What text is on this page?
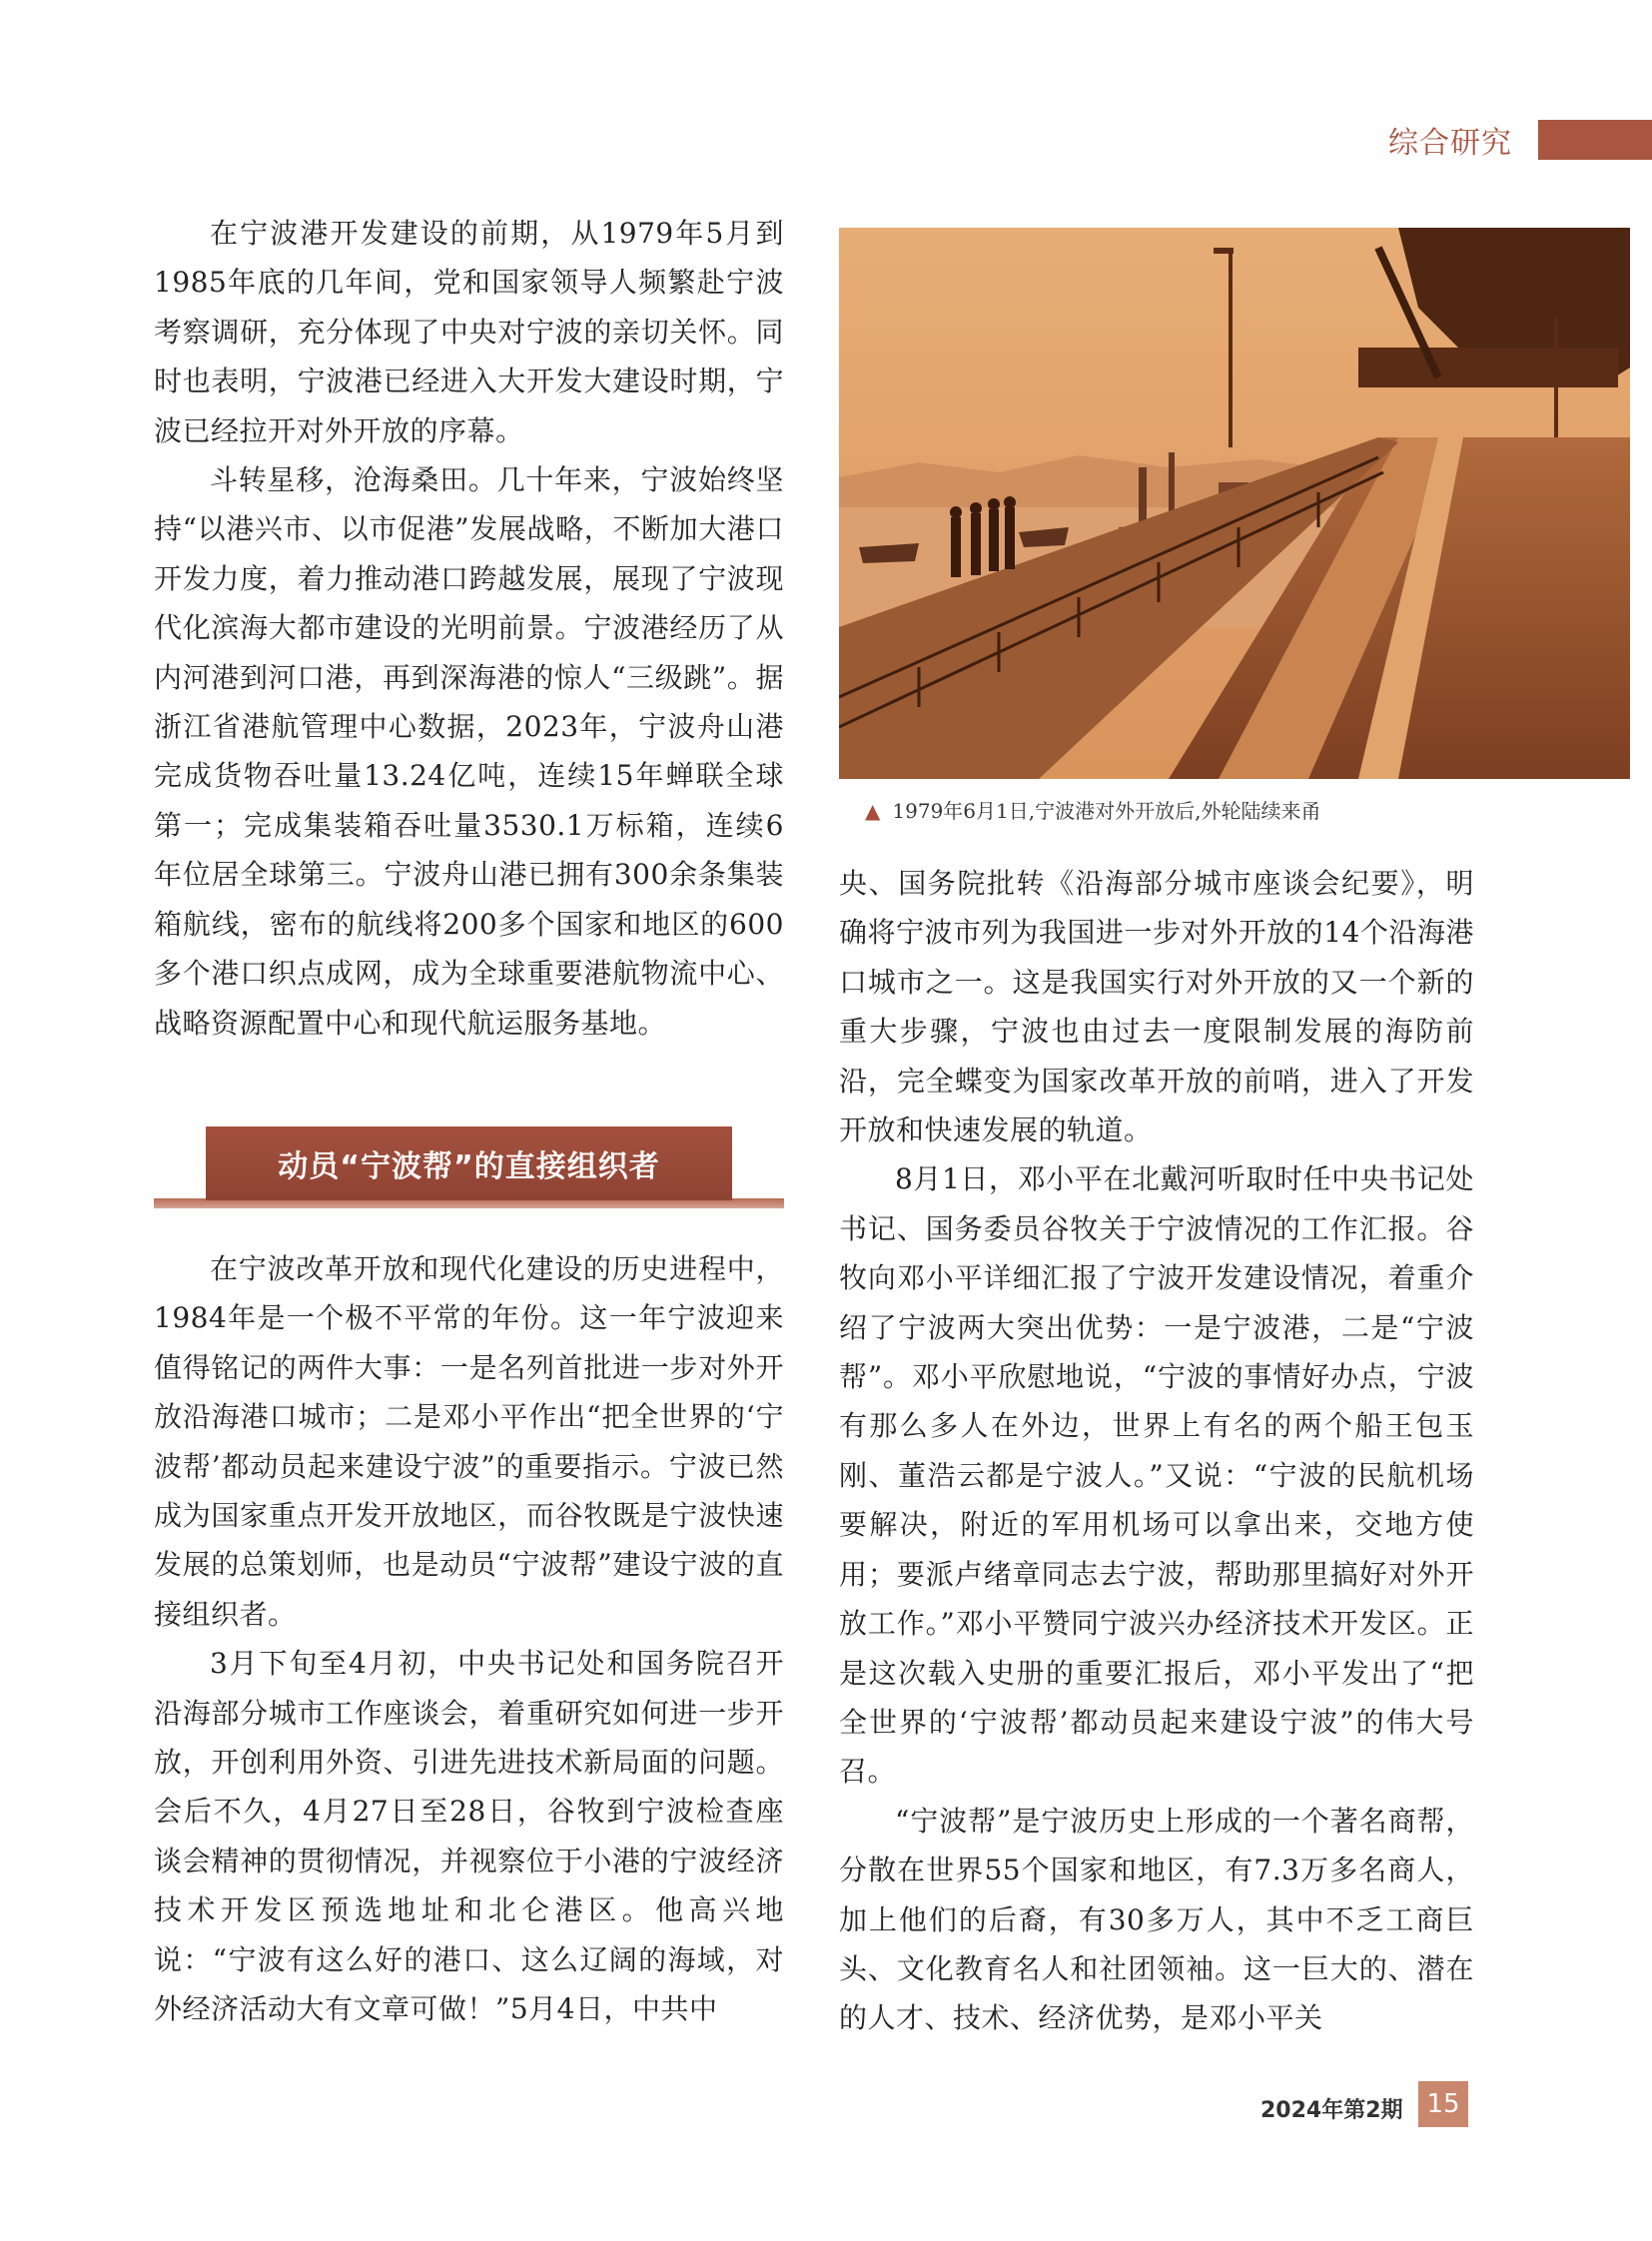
综合研究

在宁波港开发建设的前期，从1979年5月到1985年底的几年间，党和国家领导人频繁赴宁波考察调研，充分体现了中央对宁波的亲切关怀。同时也表明，宁波港已经进入大开发大建设时期，宁波已经拉开对外开放的序幕。

斗转星移，沧海桑田。几十年来，宁波始终坚持“以港兴市、以市促港”发展战略，不断加大港口开发力度，着力推动港口跨越发展，展现了宁波现代化滨海大都市建设的光明前景。宁波港经历了从内河港到河口港，再到深海港的惊人“三级跳”。据浙江省港航管理中心数据，2023年，宁波舟山港完成货物吞吐量13.24亿吨，连续15年蝉联全球第一；完成集装箱吞吐量3530.1万标箱，连续6年位居全球第三。宁波舟山港已拥有300余条集装箱航线，密布的航线将200多个国家和地区的600多个港口织点成网，成为全球重要港航物流中心、战略资源配置中心和现代航运服务基地。

动员“宁波帮”的直接组织者

在宁波改革开放和现代化建设的历史进程中，1984年是一个极不平常的年份。这一年宁波迎来值得铭记的两件大事：一是名列首批进一步对外开放沿海港口城市；二是邓小平作出“把全世界的‘宁波帮’都动员起来建设宁波”的重要指示。宁波已然成为国家重点开发开放地区，而谷牧既是宁波快速发展的总策划师，也是动员“宁波帮”建设宁波的直接组织者。

3月下旬至4月初，中央书记处和国务院召开沿海部分城市工作座谈会，着重研究如何进一步开放，开创利用外资、引进先进技术新局面的问题。会后不久，4月27日至28日，谷牧到宁波检查座谈会精神的贯彻情况，并视察位于小港的宁波经济技术开发区预选地址和北仑港区。他高兴地说：“宁波有这么好的港口、这么辽阔的海域，对外经济活动大有文章可做！”5月4日，中共中

▲ 1979年6月1日,宁波港对外开放后,外轮陆续来甬

央、国务院批转《沿海部分城市座谈会纪要》，明确将宁波市列为我国进一步对外开放的14个沿海港口城市之一。这是我国实行对外开放的又一个新的重大步骤，宁波也由过去一度限制发展的海防前沿，完全蝶变为国家改革开放的前哨，进入了开发开放和快速发展的轨道。

8月1日，邓小平在北戴河听取时任中央书记处书记、国务委员谷牧关于宁波情况的工作汇报。谷牧向邓小平详细汇报了宁波开发建设情况，着重介绍了宁波两大突出优势：一是宁波港，二是“宁波帮”。邓小平欣慰地说，“宁波的事情好办点，宁波有那么多人在外边，世界上有名的两个船王包玉刚、董浩云都是宁波人。”又说：“宁波的民航机场要解决，附近的军用机场可以拿出来，交地方使用；要派卢绪章同志去宁波，帮助那里搞好对外开放工作。”邓小平赞同宁波兴办经济技术开发区。正是这次载入史册的重要汇报后，邓小平发出了“把全世界的‘宁波帮’都动员起来建设宁波”的伟大号召。

“宁波帮”是宁波历史上形成的一个著名商帮，分散在世界55个国家和地区，有7.3万多名商人，加上他们的后裔，有30多万人，其中不乏工商巨头、文化教育名人和社团领袖。这一巨大的、潜在的人才、技术、经济优势，是邓小平关

2024年第2期 15
